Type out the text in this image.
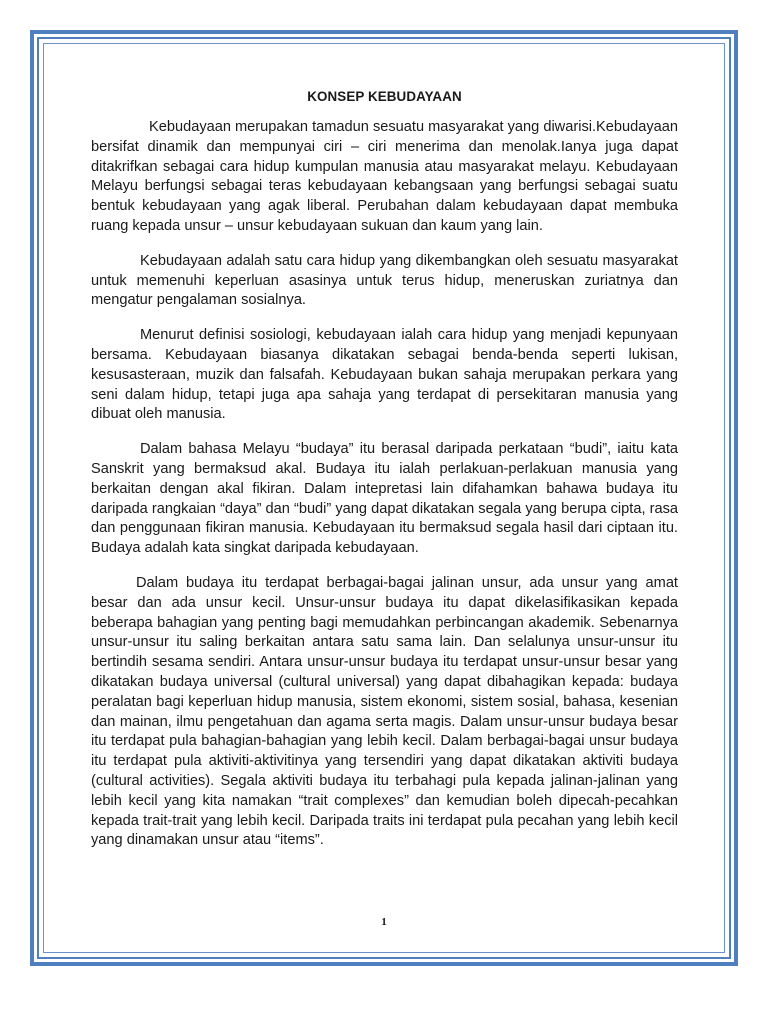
KONSEP KEBUDAYAAN

Kebudayaan merupakan tamadun sesuatu masyarakat yang diwarisi.Kebudayaan bersifat dinamik dan mempunyai ciri – ciri menerima dan menolak.Ianya juga dapat ditakrifkan sebagai cara hidup kumpulan manusia atau masyarakat melayu. Kebudayaan Melayu berfungsi sebagai teras kebudayaan kebangsaan yang berfungsi sebagai suatu bentuk kebudayaan yang agak liberal. Perubahan dalam kebudayaan dapat membuka ruang kepada unsur – unsur kebudayaan sukuan dan kaum yang lain.

Kebudayaan adalah satu cara hidup yang dikembangkan oleh sesuatu masyarakat untuk memenuhi keperluan asasinya untuk terus hidup, meneruskan zuriatnya dan mengatur pengalaman sosialnya.

Menurut definisi sosiologi, kebudayaan ialah cara hidup yang menjadi kepunyaan bersama. Kebudayaan biasanya dikatakan sebagai benda-benda seperti lukisan, kesusasteraan, muzik dan falsafah. Kebudayaan bukan sahaja merupakan perkara yang seni dalam hidup, tetapi juga apa sahaja yang terdapat di persekitaran manusia yang dibuat oleh manusia.

Dalam bahasa Melayu “budaya” itu berasal daripada perkataan “budi”, iaitu kata Sanskrit yang bermaksud akal. Budaya itu ialah perlakuan-perlakuan manusia yang berkaitan dengan akal fikiran. Dalam intepretasi lain difahamkan bahawa budaya itu daripada rangkaian “daya” dan “budi” yang dapat dikatakan segala yang berupa cipta, rasa dan penggunaan fikiran manusia. Kebudayaan itu bermaksud segala hasil dari ciptaan itu. Budaya adalah kata singkat daripada kebudayaan.

Dalam budaya itu terdapat berbagai-bagai jalinan unsur, ada unsur yang amat besar dan ada unsur kecil. Unsur-unsur budaya itu dapat dikelasifikasikan kepada beberapa bahagian yang penting bagi memudahkan perbincangan akademik. Sebenarnya unsur-unsur itu saling berkaitan antara satu sama lain. Dan selalunya unsur-unsur itu bertindih sesama sendiri. Antara unsur-unsur budaya itu terdapat unsur-unsur besar yang dikatakan budaya universal (cultural universal) yang dapat dibahagikan kepada: budaya peralatan bagi keperluan hidup manusia, sistem ekonomi, sistem sosial, bahasa, kesenian dan mainan, ilmu pengetahuan dan agama serta magis. Dalam unsur-unsur budaya besar itu terdapat pula bahagian-bahagian yang lebih kecil. Dalam berbagai-bagai unsur budaya itu terdapat pula aktiviti-aktivitinya yang tersendiri yang dapat dikatakan aktiviti budaya (cultural activities). Segala aktiviti budaya itu terbahagi pula kepada jalinan-jalinan yang lebih kecil yang kita namakan “trait complexes” dan kemudian boleh dipecah-pecahkan kepada trait-trait yang lebih kecil. Daripada traits ini terdapat pula pecahan yang lebih kecil yang dinamakan unsur atau “items”.

1
